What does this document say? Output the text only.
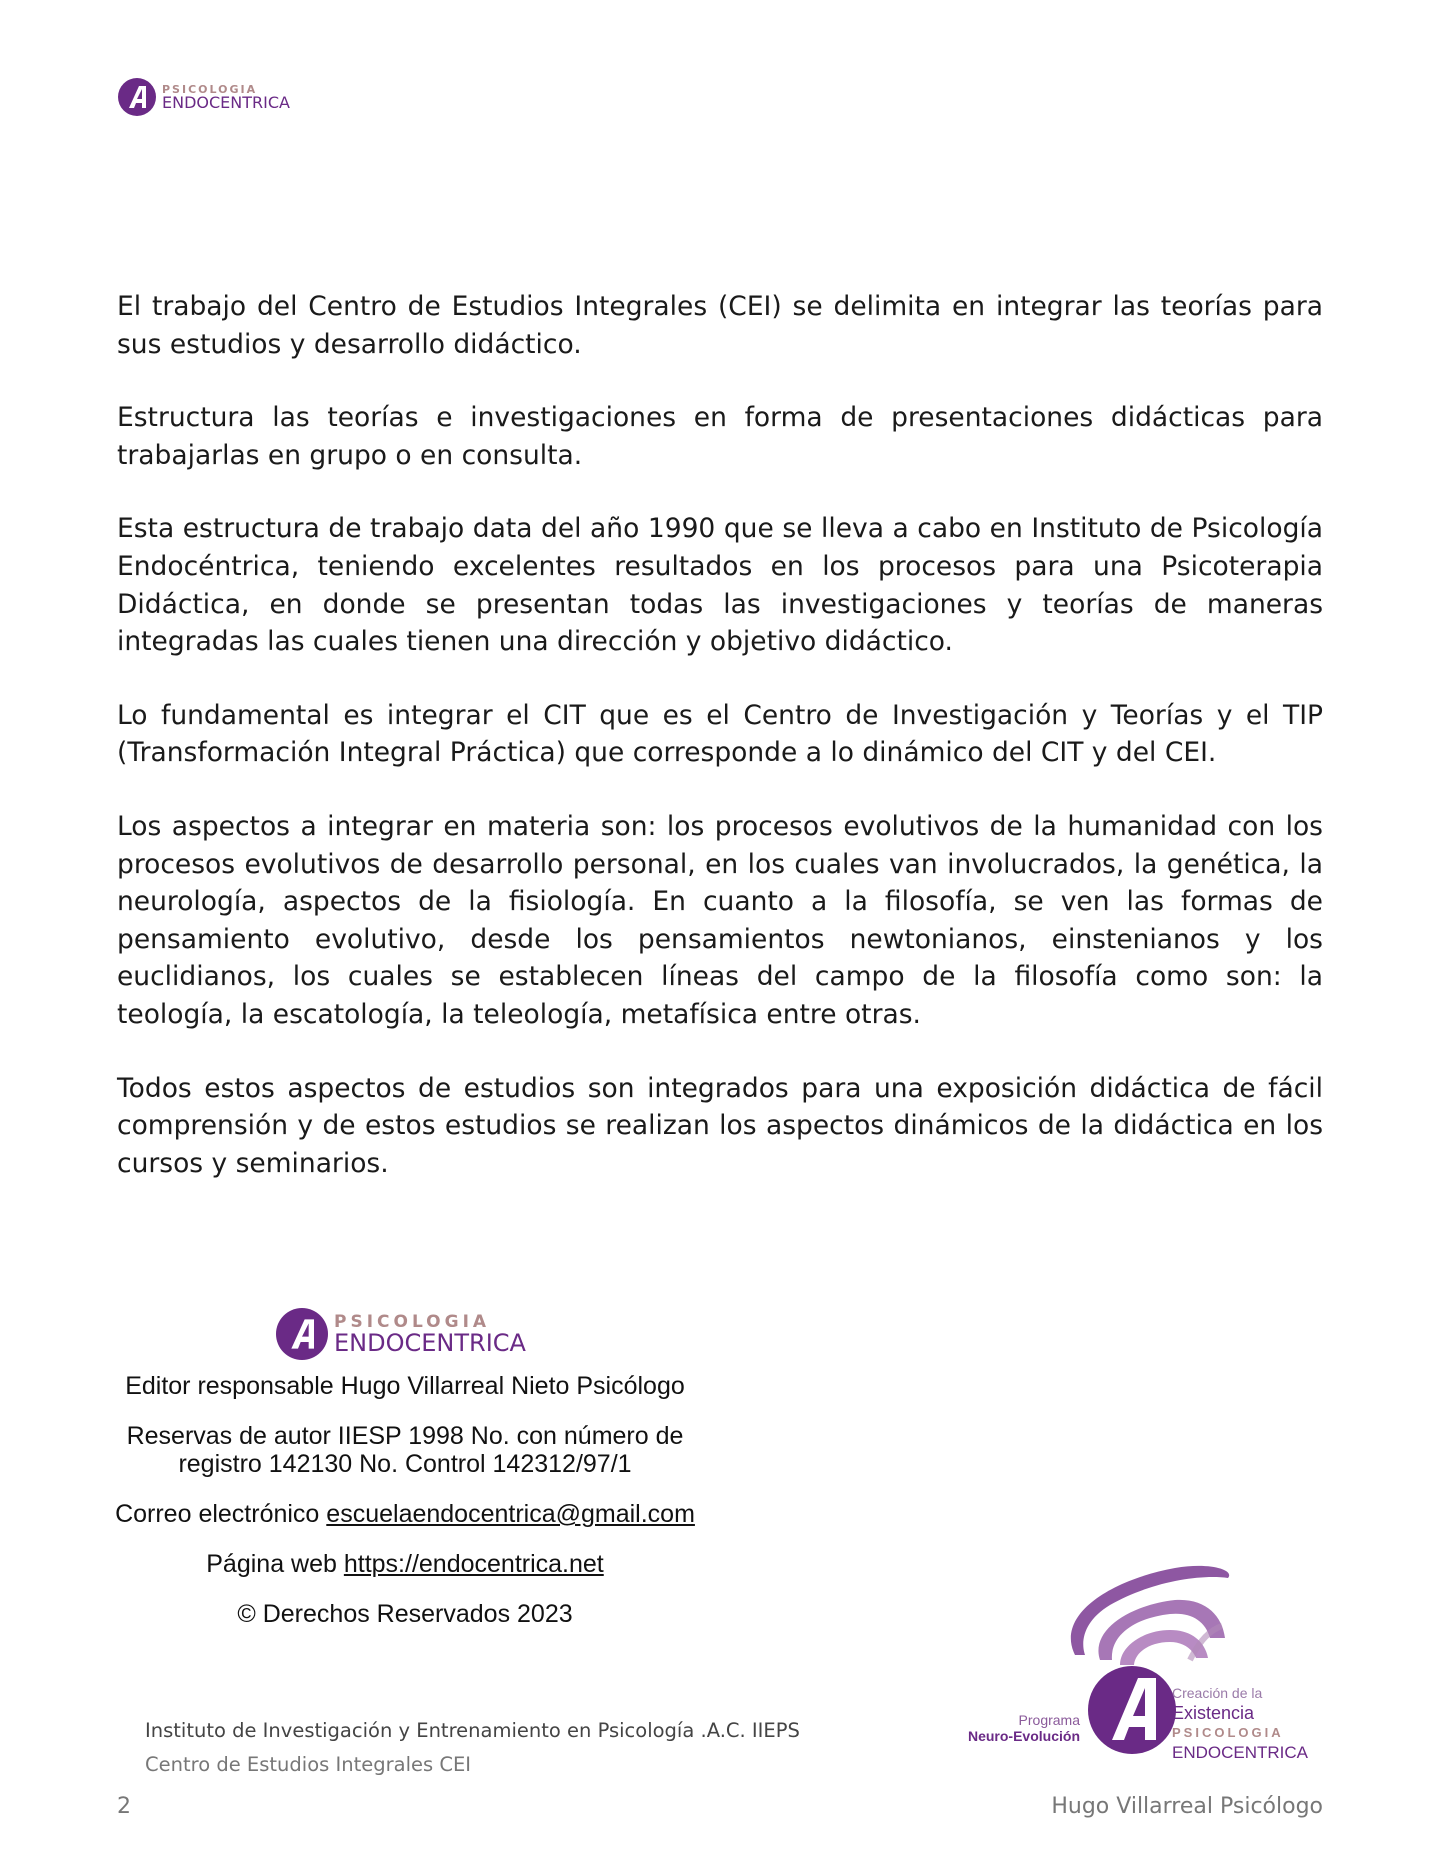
PSICOLOGIA
ENDOCENTRICA

El trabajo del Centro de Estudios Integrales (CEI) se delimita en integrar las teorías para sus estudios y desarrollo didáctico.

Estructura las teorías e investigaciones en forma de presentaciones didácticas para trabajarlas en grupo o en consulta.

Esta estructura de trabajo data del año 1990 que se lleva a cabo en Instituto de Psicología Endocéntrica, teniendo excelentes resultados en los procesos para una Psicoterapia Didáctica, en donde se presentan todas las investigaciones y teorías de maneras integradas las cuales tienen una dirección y objetivo didáctico.

Lo fundamental es integrar el CIT que es el Centro de Investigación y Teorías y el TIP (Transformación Integral Práctica) que corresponde a lo dinámico del CIT y del CEI.

Los aspectos a integrar en materia son: los procesos evolutivos de la humanidad con los procesos evolutivos de desarrollo personal, en los cuales van involucrados, la genética, la neurología, aspectos de la fisiología. En cuanto a la filosofía, se ven las formas de pensamiento evolutivo, desde los pensamientos newtonianos, einstenianos y los euclidianos, los cuales se establecen líneas del campo de la filosofía como son: la teología, la escatología, la teleología, metafísica entre otras.

Todos estos aspectos de estudios son integrados para una exposición didáctica de fácil comprensión y de estos estudios se realizan los aspectos dinámicos de la didáctica en los cursos y seminarios.

PSICOLOGIA
ENDOCENTRICA
Editor responsable Hugo Villarreal Nieto Psicólogo
Reservas de autor IIESP 1998 No. con número de
registro 142130 No. Control 142312/97/1
Correo electrónico escuelaendocentrica@gmail.com
Página web https://endocentrica.net
© Derechos Reservados 2023
Programa
Neuro-Evolución
Creación de la
Existencia
PSICOLOGIA
ENDOCENTRICA
Instituto de Investigación y Entrenamiento en Psicología .A.C. IIEPS
Centro de Estudios Integrales CEI
2	Hugo Villarreal Psicólogo
